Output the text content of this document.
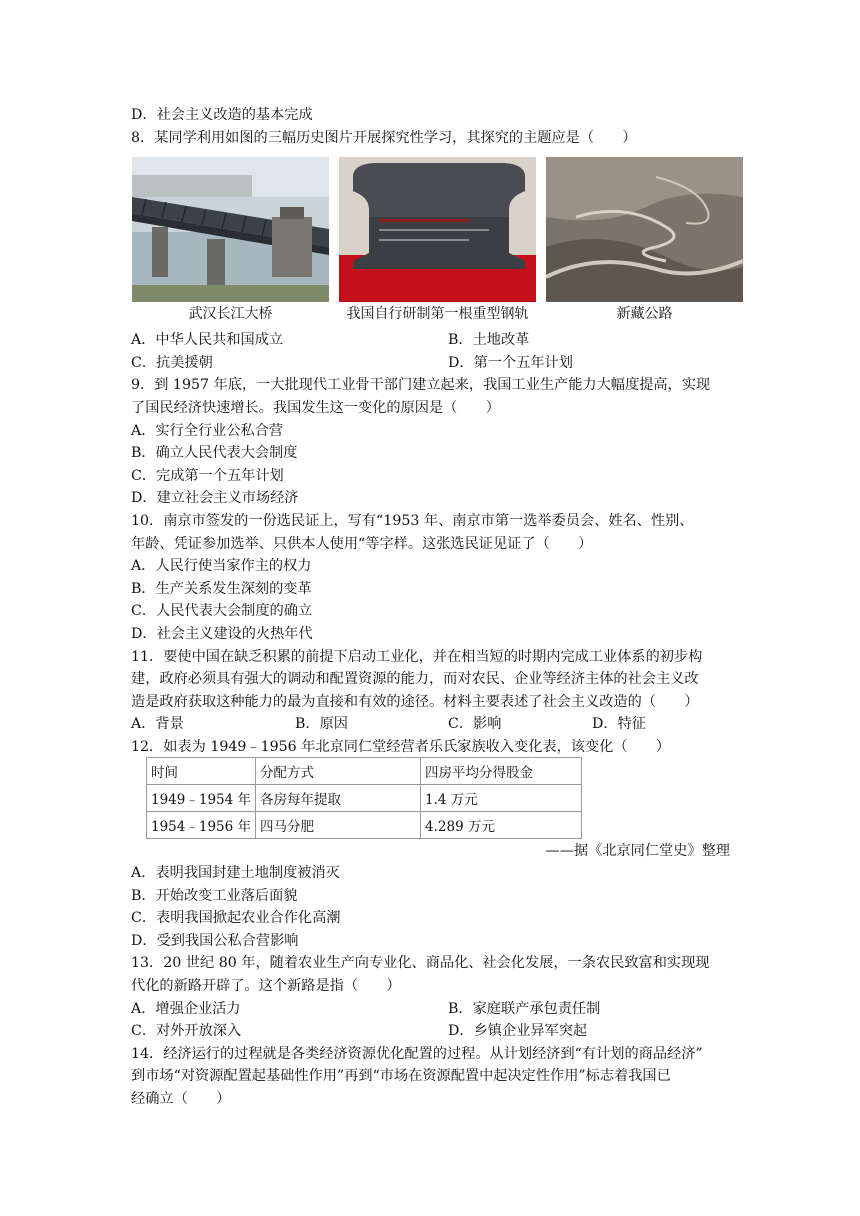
D．社会主义改造的基本完成
8．某同学利用如图的三幅历史图片开展探究性学习，其探究的主题应是（　　）
武汉长江大桥	我国自行研制第一根重型钢轨	新藏公路
A．中华人民共和国成立	B．土地改革
C．抗美援朝	D．第一个五年计划
9．到 1957 年底，一大批现代工业骨干部门建立起来，我国工业生产能力大幅度提高，实现
了国民经济快速增长。我国发生这一变化的原因是（　　）
A．实行全行业公私合营
B．确立人民代表大会制度
C．完成第一个五年计划
D．建立社会主义市场经济
10．南京市签发的一份选民证上，写有“1953 年、南京市第一选举委员会、姓名、性别、
年龄、凭证参加选举、只供本人使用“等字样。这张选民证见证了（　　）
A．人民行使当家作主的权力
B．生产关系发生深刻的变革
C．人民代表大会制度的确立
D．社会主义建设的火热年代
11．要使中国在缺乏积累的前提下启动工业化，并在相当短的时期内完成工业体系的初步构
建，政府必须具有强大的调动和配置资源的能力，而对农民、企业等经济主体的社会主义改
造是政府获取这种能力的最为直接和有效的途径。材料主要表述了社会主义改造的（　　）
A．背景	B．原因	C．影响	D．特征
12．如表为 1949﹣1956 年北京同仁堂经营者乐氏家族收入变化表，该变化（　　）
时间	分配方式	四房平均分得股金
1949﹣1954 年	各房每年提取	1.4 万元
1954﹣1956 年	四马分肥	4.289 万元
——据《北京同仁堂史》整理
A．表明我国封建土地制度被消灭
B．开始改变工业落后面貌
C．表明我国掀起农业合作化高潮
D．受到我国公私合营影响
13．20 世纪 80 年，随着农业生产向专业化、商品化、社会化发展，一条农民致富和实现现
代化的新路开辟了。这个新路是指（　　）
A．增强企业活力	B．家庭联产承包责任制
C．对外开放深入	D．乡镇企业异军突起
14．经济运行的过程就是各类经济资源优化配置的过程。从计划经济到“有计划的商品经济”
到市场“对资源配置起基础性作用”再到“市场在资源配置中起决定性作用”标志着我国已
经确立（　　）
